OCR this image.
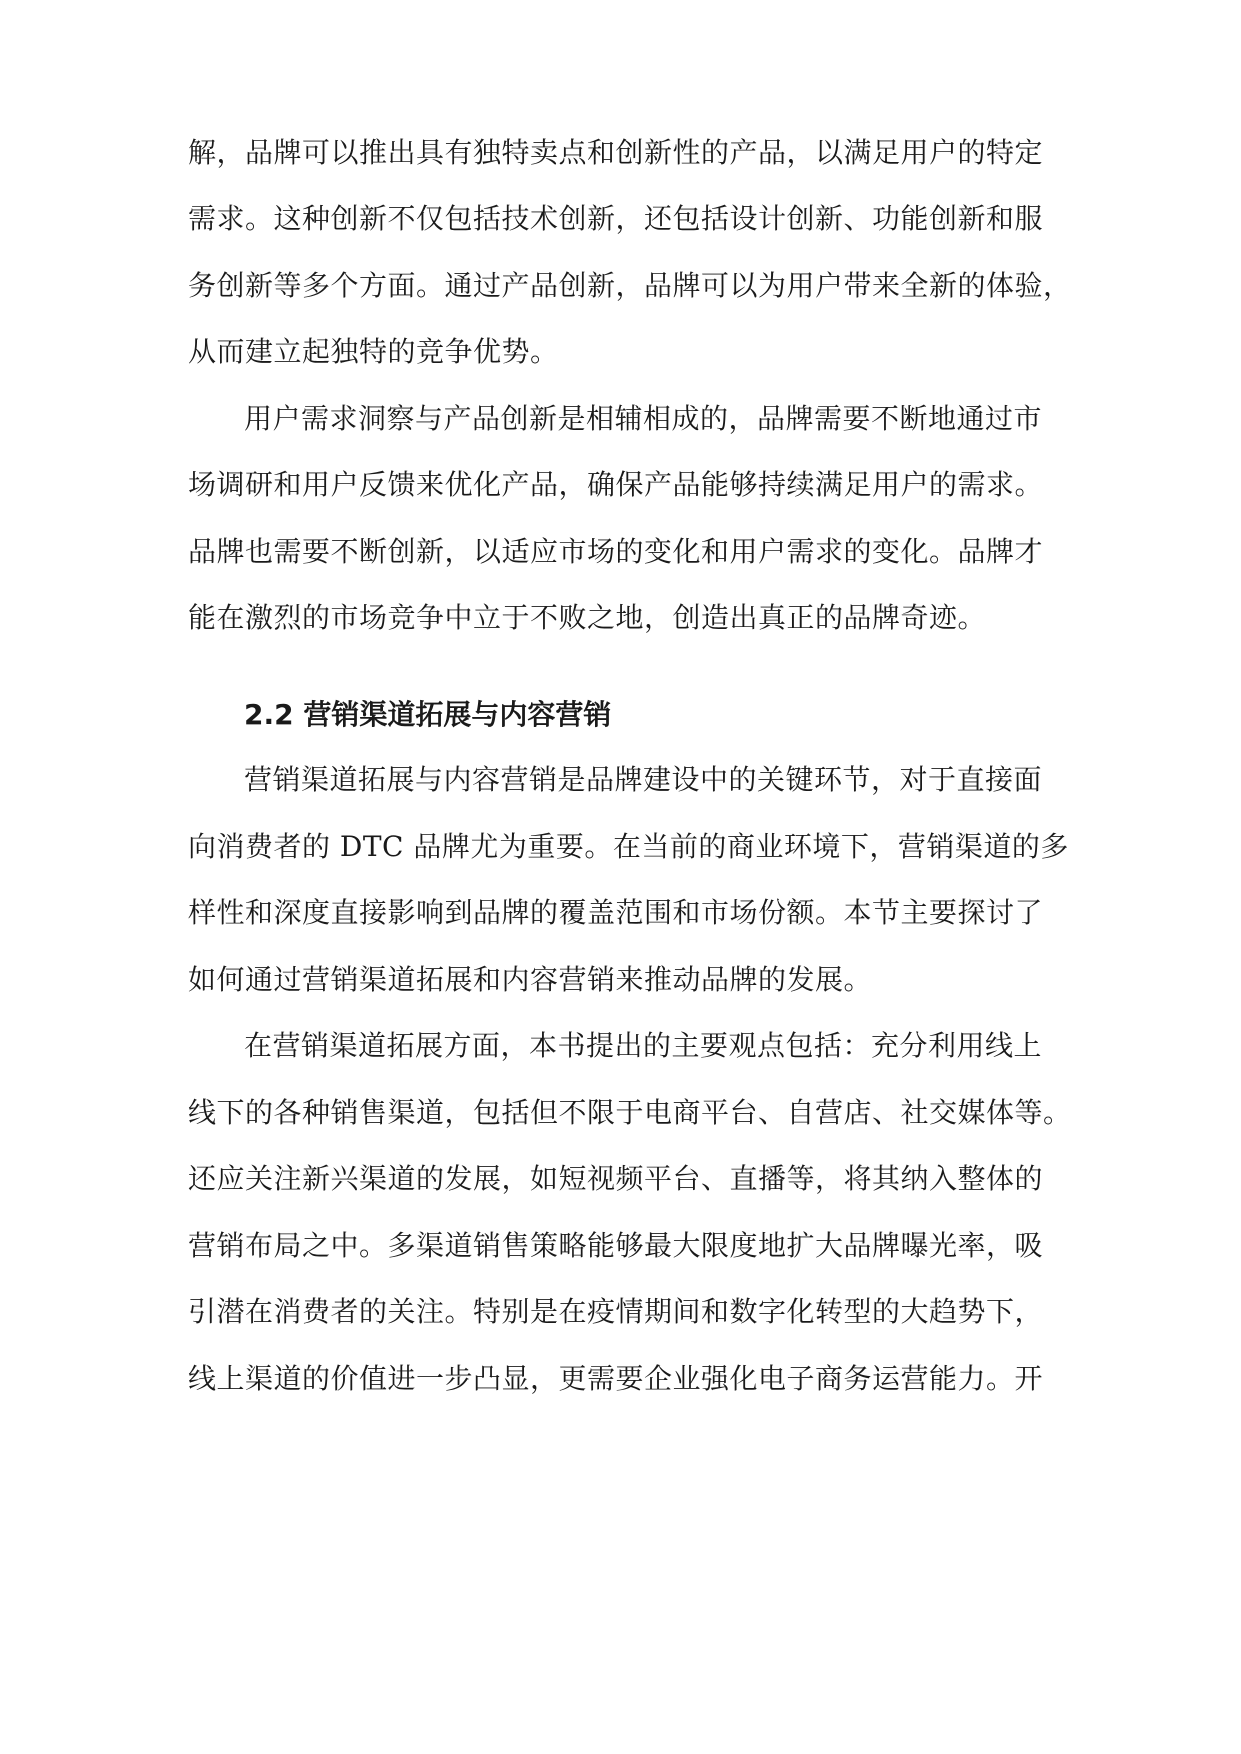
解，品牌可以推出具有独特卖点和创新性的产品，以满足用户的特定
需求。这种创新不仅包括技术创新，还包括设计创新、功能创新和服
务创新等多个方面。通过产品创新，品牌可以为用户带来全新的体验，
从而建立起独特的竞争优势。
用户需求洞察与产品创新是相辅相成的，品牌需要不断地通过市
场调研和用户反馈来优化产品，确保产品能够持续满足用户的需求。
品牌也需要不断创新，以适应市场的变化和用户需求的变化。品牌才
能在激烈的市场竞争中立于不败之地，创造出真正的品牌奇迹。
2.2 营销渠道拓展与内容营销
营销渠道拓展与内容营销是品牌建设中的关键环节，对于直接面
向消费者的 DTC 品牌尤为重要。在当前的商业环境下，营销渠道的多
样性和深度直接影响到品牌的覆盖范围和市场份额。本节主要探讨了
如何通过营销渠道拓展和内容营销来推动品牌的发展。
在营销渠道拓展方面，本书提出的主要观点包括：充分利用线上
线下的各种销售渠道，包括但不限于电商平台、自营店、社交媒体等。
还应关注新兴渠道的发展，如短视频平台、直播等，将其纳入整体的
营销布局之中。多渠道销售策略能够最大限度地扩大品牌曝光率，吸
引潜在消费者的关注。特别是在疫情期间和数字化转型的大趋势下，
线上渠道的价值进一步凸显，更需要企业强化电子商务运营能力。开
